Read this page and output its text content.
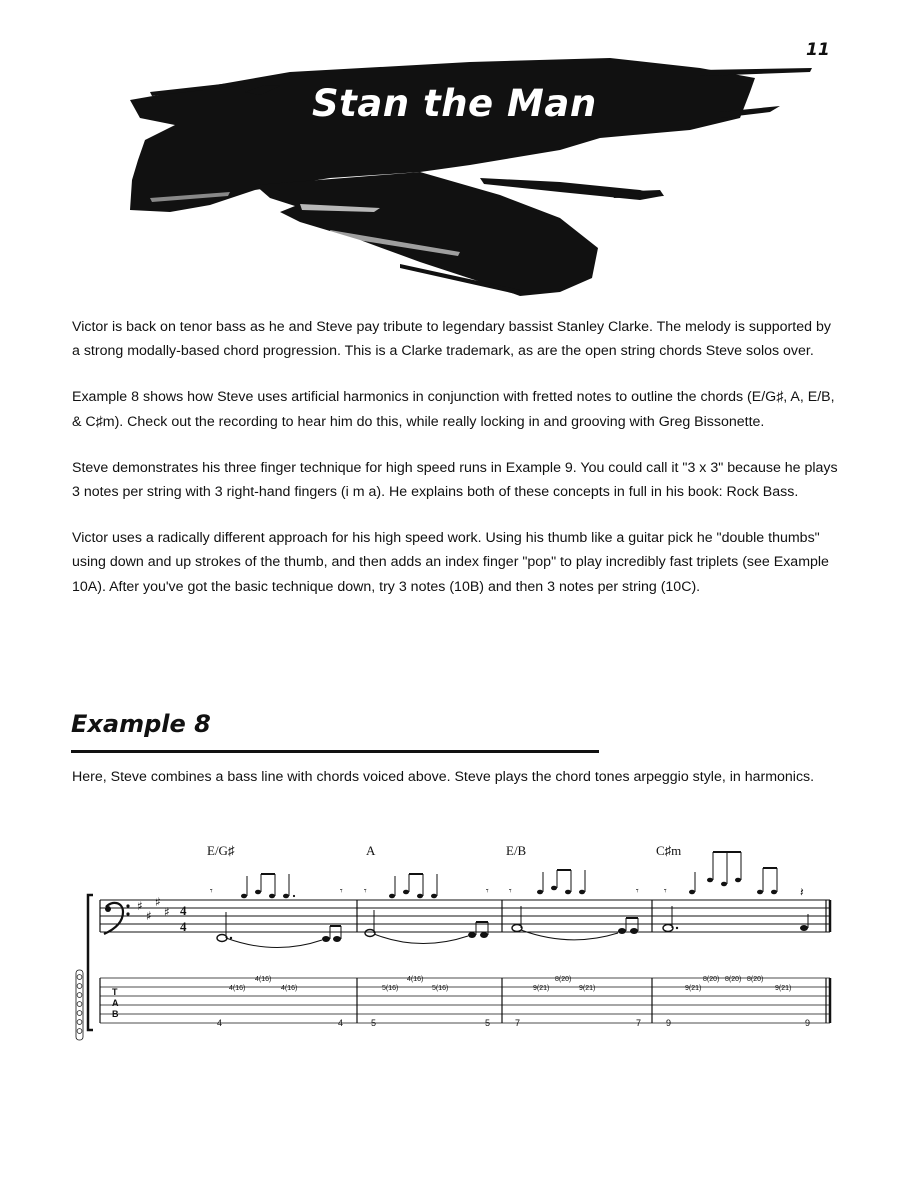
11
Stan the Man

Victor is back on tenor bass as he and Steve pay tribute to legendary bassist Stanley Clarke. The melody is supported by a strong modally-based chord progression. This is a Clarke trademark, as are the open string chords Steve solos over.

Example 8 shows how Steve uses artificial harmonics in conjunction with fretted notes to outline the chords (E/G♯, A, E/B, & C♯m). Check out the recording to hear him do this, while really locking in and grooving with Greg Bissonette.

Steve demonstrates his three finger technique for high speed runs in Example 9. You could call it "3 x 3" because he plays 3 notes per string with 3 right-hand fingers (i m a). He explains both of these concepts in full in his book: Rock Bass.

Victor uses a radically different approach for his high speed work. Using his thumb like a guitar pick he "double thumbs" using down and up strokes of the thumb, and then adds an index finger "pop" to play incredibly fast triplets (see Example 10A). After you've got the basic technique down, try 3 notes (10B) and then 3 notes per string (10C).

Example 8

Here, Steve combines a bass line with chords voiced above. Steve plays the chord tones arpeggio style, in harmonics.

E/G♯	A	E/B	C♯m
♯
♯
♯
♯ 4
4
𝄾	𝄾 𝄾	𝄾 𝄾	𝄾	𝄾	𝄽
T
A
B
4(16)
4(16)
4(16)
4	4
5(16)
4(16)
5(16)
5	5
9(21)
8(20)
9(21)
7	7
9(21)
8(20) 8(20) 8(20)
9(21)
9	9
